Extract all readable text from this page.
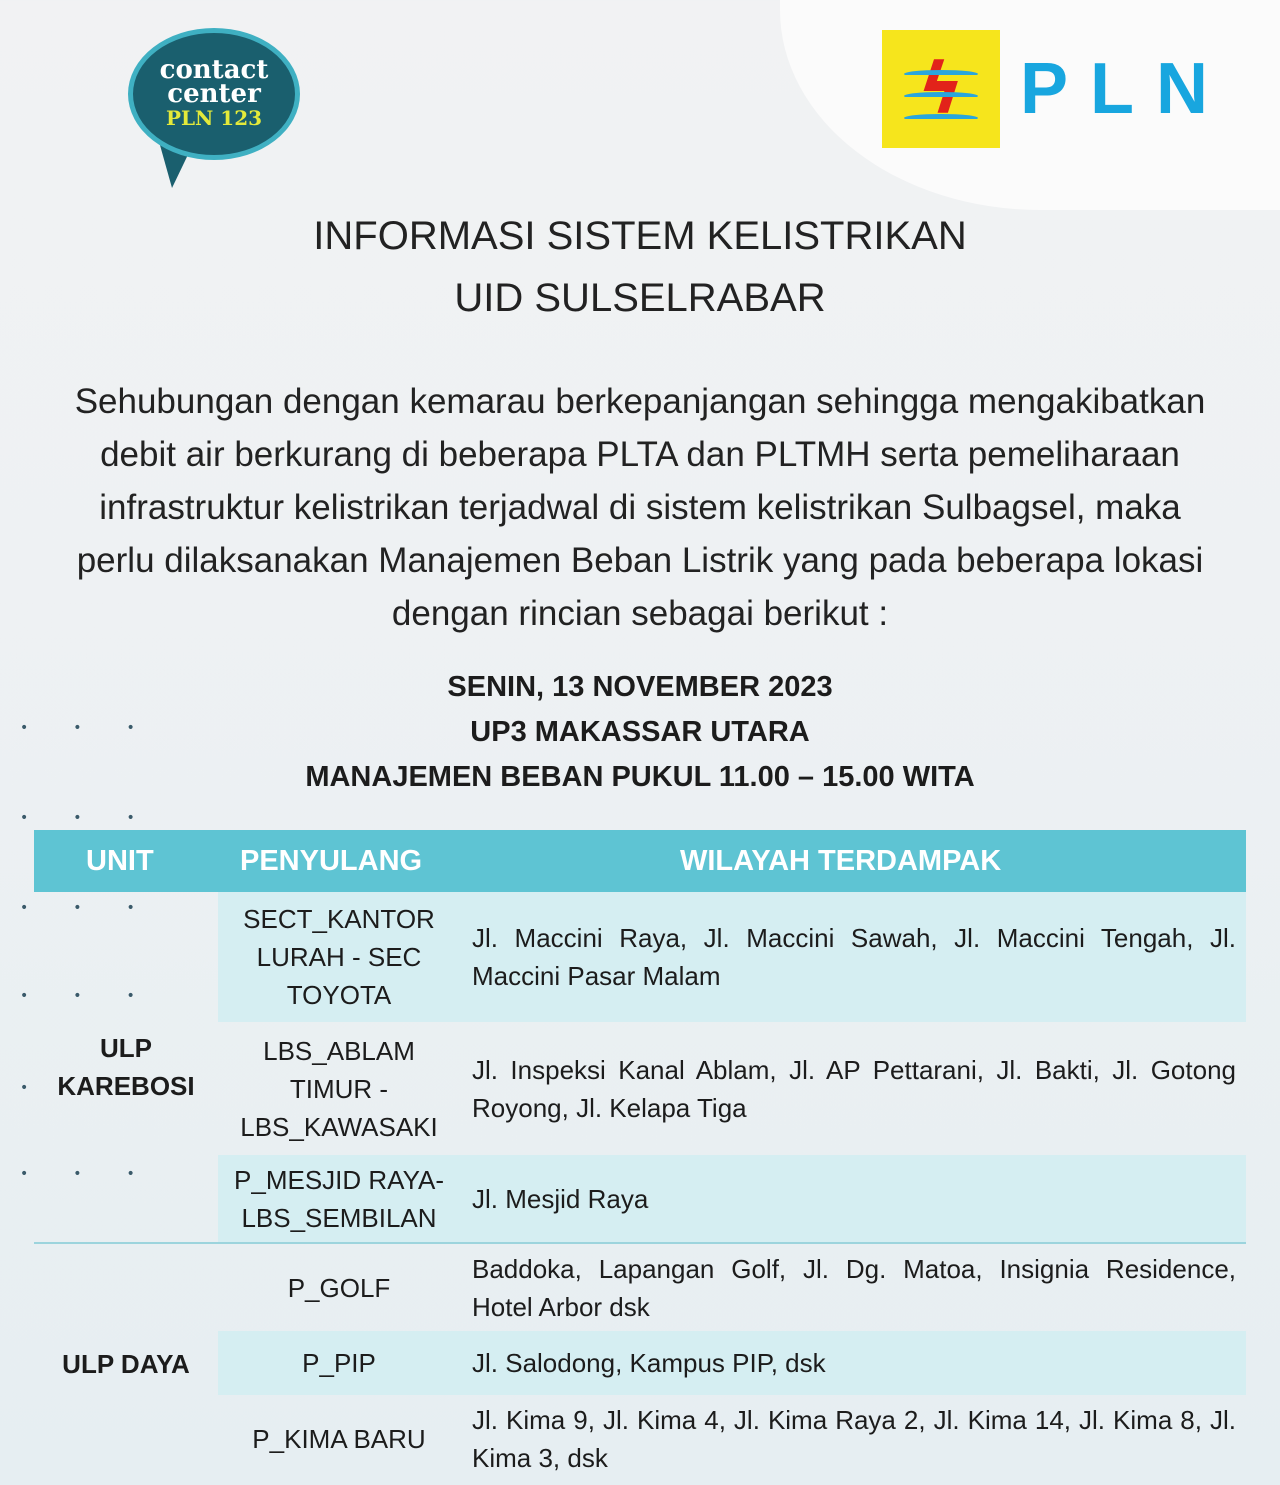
contact
center
PLN 123	ϟ PLN
INFORMASI SISTEM KELISTRIKAN
UID SULSELRABAR
Sehubungan dengan kemarau berkepanjangan sehingga mengakibatkan debit air berkurang di beberapa PLTA dan PLTMH serta pemeliharaan infrastruktur kelistrikan terjadwal di sistem kelistrikan Sulbagsel, maka perlu dilaksanakan Manajemen Beban Listrik yang pada beberapa lokasi dengan rincian sebagai berikut :
SENIN, 13 NOVEMBER 2023
UP3 MAKASSAR UTARA
MANAJEMEN BEBAN PUKUL 11.00 – 15.00 WITA
•••
•••
•••
•••
•
•••
UNIT	PENYULANG	WILAYAH TERDAMPAK
ULP KAREBOSI	SECT_KANTOR LURAH - SEC TOYOTA	Jl. Maccini Raya, Jl. Maccini Sawah, Jl. Maccini Tengah, Jl. Maccini Pasar Malam
	LBS_ABLAM TIMUR - LBS_KAWASAKI	Jl. Inspeksi Kanal Ablam, Jl. AP Pettarani, Jl. Bakti, Jl. Gotong Royong, Jl. Kelapa Tiga
	P_MESJID RAYA-LBS_SEMBILAN	Jl. Mesjid Raya
ULP DAYA	P_GOLF	Baddoka, Lapangan Golf, Jl. Dg. Matoa, Insignia Residence, Hotel Arbor dsk
	P_PIP	Jl. Salodong, Kampus PIP, dsk
	P_KIMA BARU	Jl. Kima 9, Jl. Kima 4, Jl. Kima Raya 2, Jl. Kima 14, Jl. Kima 8, Jl. Kima 3, dsk
